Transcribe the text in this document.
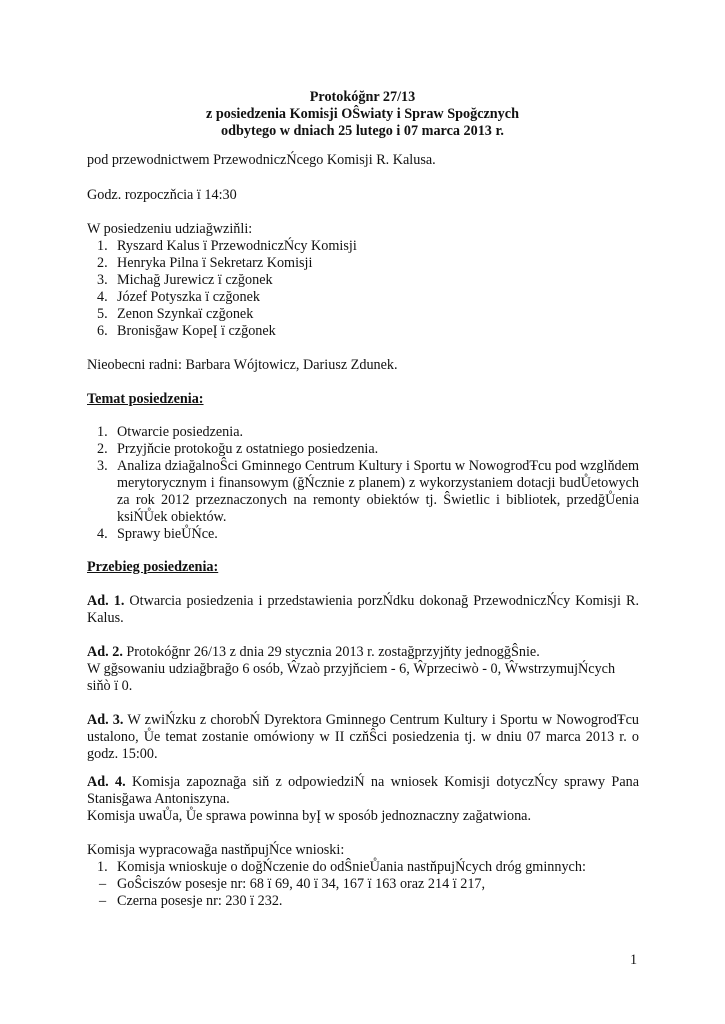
Protokóğnr 27/13
z posiedzenia Komisji OŜwiaty i Spraw Spoğcznych
odbytego w dniach 25 lutego i 07 marca 2013 r.

pod przewodnictwem PrzewodniczŃcego Komisji R. Kalusa.

Godz. rozpoczňcia ï 14:30

W posiedzeniu udziağwziňli:

1. Ryszard Kalus ï PrzewodniczŃcy Komisji
2. Henryka Pilna ï Sekretarz Komisji
3. Michağ Jurewicz ï czğonek
4. Józef Potyszka ï czğonek
5. Zenon Szynkaï czğonek
6. Bronisğaw KopeĮ ï czğonek

Nieobecni radni: Barbara Wójtowicz, Dariusz Zdunek.

Temat posiedzenia:

1. Otwarcie posiedzenia.
2. Przyjňcie protokoğu z ostatniego posiedzenia.
3. Analiza dziağalnoŜci Gminnego Centrum Kultury i Sportu w NowogrodŦcu pod wzglňdem merytorycznym i finansowym (ğŃcznie z planem) z wykorzystaniem dotacji budŮetowych za rok 2012 przeznaczonych na remonty obiektów tj. Ŝwietlic i bibliotek, przedğŮenia ksiŃŮek obiektów.
4. Sprawy bieŮŃce.

Przebieg posiedzenia:

Ad. 1. Otwarcia posiedzenia i przedstawienia porzŃdku dokonağ PrzewodniczŃcy Komisji R. Kalus.

Ad. 2. Protokóğnr 26/13 z dnia 29 stycznia 2013 r. zostağprzyjňty jednogğŜnie.

W gğsowaniu udziağbrağo 6 osób, Ŵzaò przyjňciem - 6, Ŵprzeciwò - 0, ŴwstrzymujŃcych siňò ï 0.

Ad. 3. W zwiŃzku z chorobŃ Dyrektora Gminnego Centrum Kultury i Sportu w NowogrodŦcu ustalono, Ůe temat zostanie omówiony w II czňŜci posiedzenia tj. w dniu 07 marca 2013 r. o godz. 15:00.

Ad. 4. Komisja zapoznağa siň z odpowiedziŃ na wniosek Komisji dotyczŃcy sprawy Pana Stanisğawa Antoniszyna.

Komisja uwaŮa, Ůe sprawa powinna byĮ w sposób jednoznaczny zağatwiona.

Komisja wypracowağa nastňpujŃce wnioski:

1. Komisja wnioskuje o doğŃczenie do odŜnieŮania nastňpujŃcych dróg gminnych:
– GoŜciszów posesje nr: 68 ï 69, 40 ï 34, 167 ï 163 oraz 214 ï 217,
– Czerna posesje nr: 230 ï 232.
1
